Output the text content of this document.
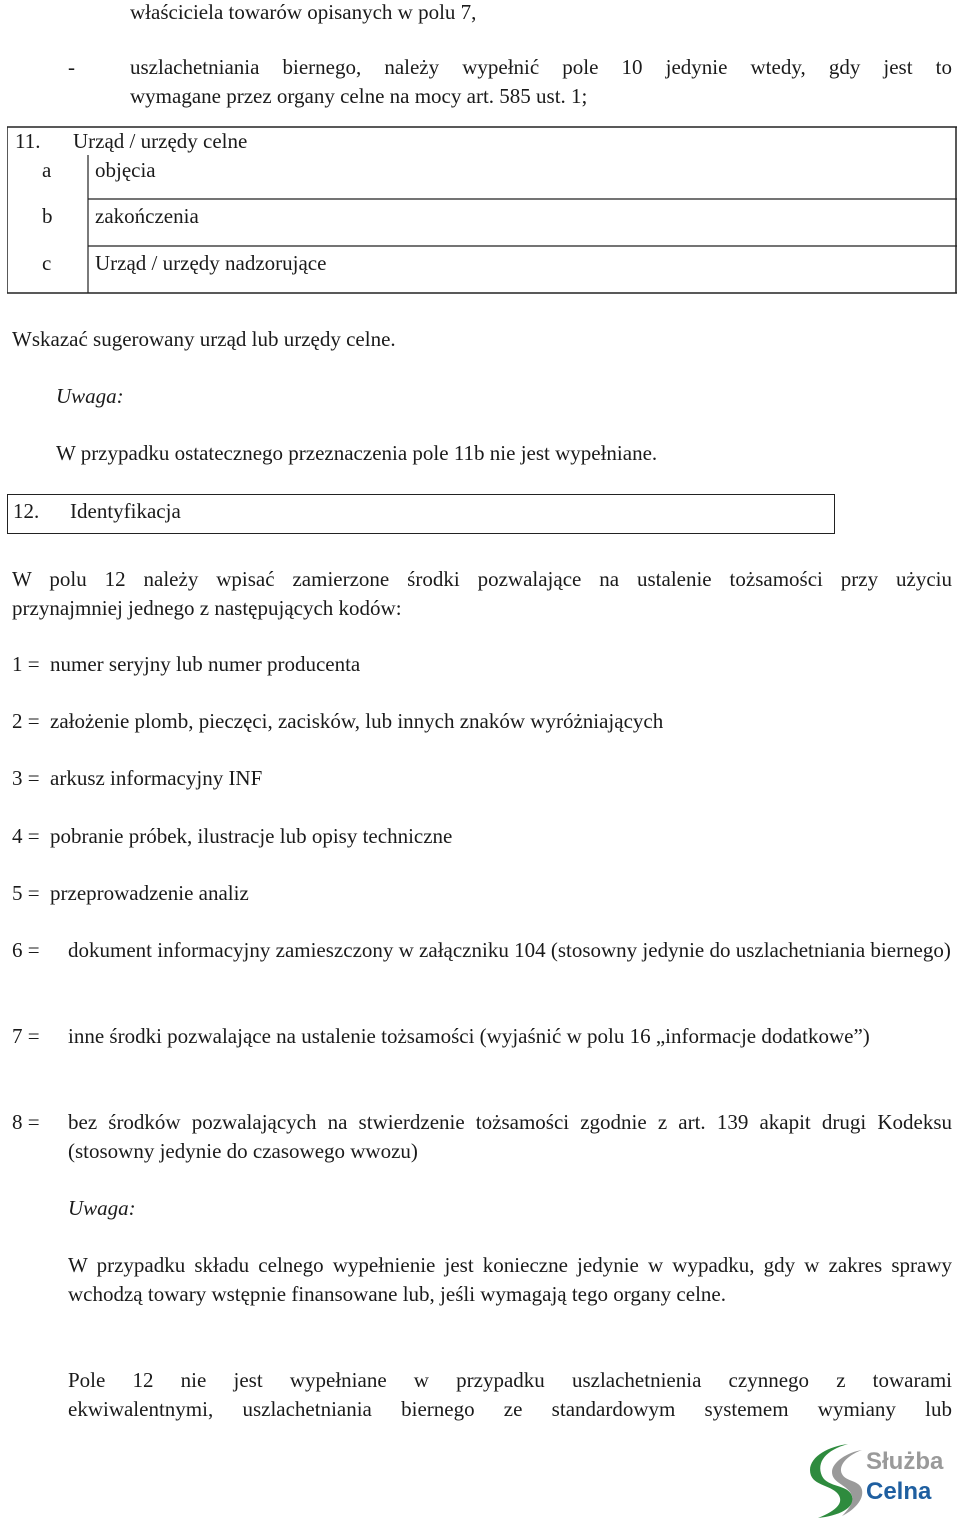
właściciela towarów opisanych w polu 7,
-	uszlachetniania biernego, należy wypełnić pole 10 jedynie wtedy, gdy jest to
wymagane przez organy celne na mocy art. 585 ust. 1;
11. Urząd / urzędy celne
a objęcia
b zakończenia
c Urząd / urzędy nadzorujące
Wskazać sugerowany urząd lub urzędy celne.
Uwaga:
W przypadku ostatecznego przeznaczenia pole 11b nie jest wypełniane.
12. Identyfikacja
W polu 12 należy wpisać zamierzone środki pozwalające na ustalenie tożsamości przy użyciu
przynajmniej jednego z następujących kodów:
1 = numer seryjny lub numer producenta
2 = założenie plomb, pieczęci, zacisków, lub innych znaków wyróżniających
3 = arkusz informacyjny INF
4 = pobranie próbek, ilustracje lub opisy techniczne
5 = przeprowadzenie analiz
6 = dokument informacyjny zamieszczony w załączniku 104 (stosowny jedynie do uszlachetniania biernego)
7 = inne środki pozwalające na ustalenie tożsamości (wyjaśnić w polu 16 „informacje dodatkowe”)
8 = bez środków pozwalających na stwierdzenie tożsamości zgodnie z art. 139 akapit drugi Kodeksu (stosowny jedynie do czasowego wwozu)
Uwaga:
W przypadku składu celnego wypełnienie jest konieczne jedynie w wypadku, gdy w zakres sprawy wchodzą towary wstępnie finansowane lub, jeśli wymagają tego organy celne.
Pole 12 nie jest wypełniane w przypadku uszlachetnienia czynnego z towarami
ekwiwalentnymi, uszlachetniania biernego ze standardowym systemem wymiany lub
Służba
Celna
